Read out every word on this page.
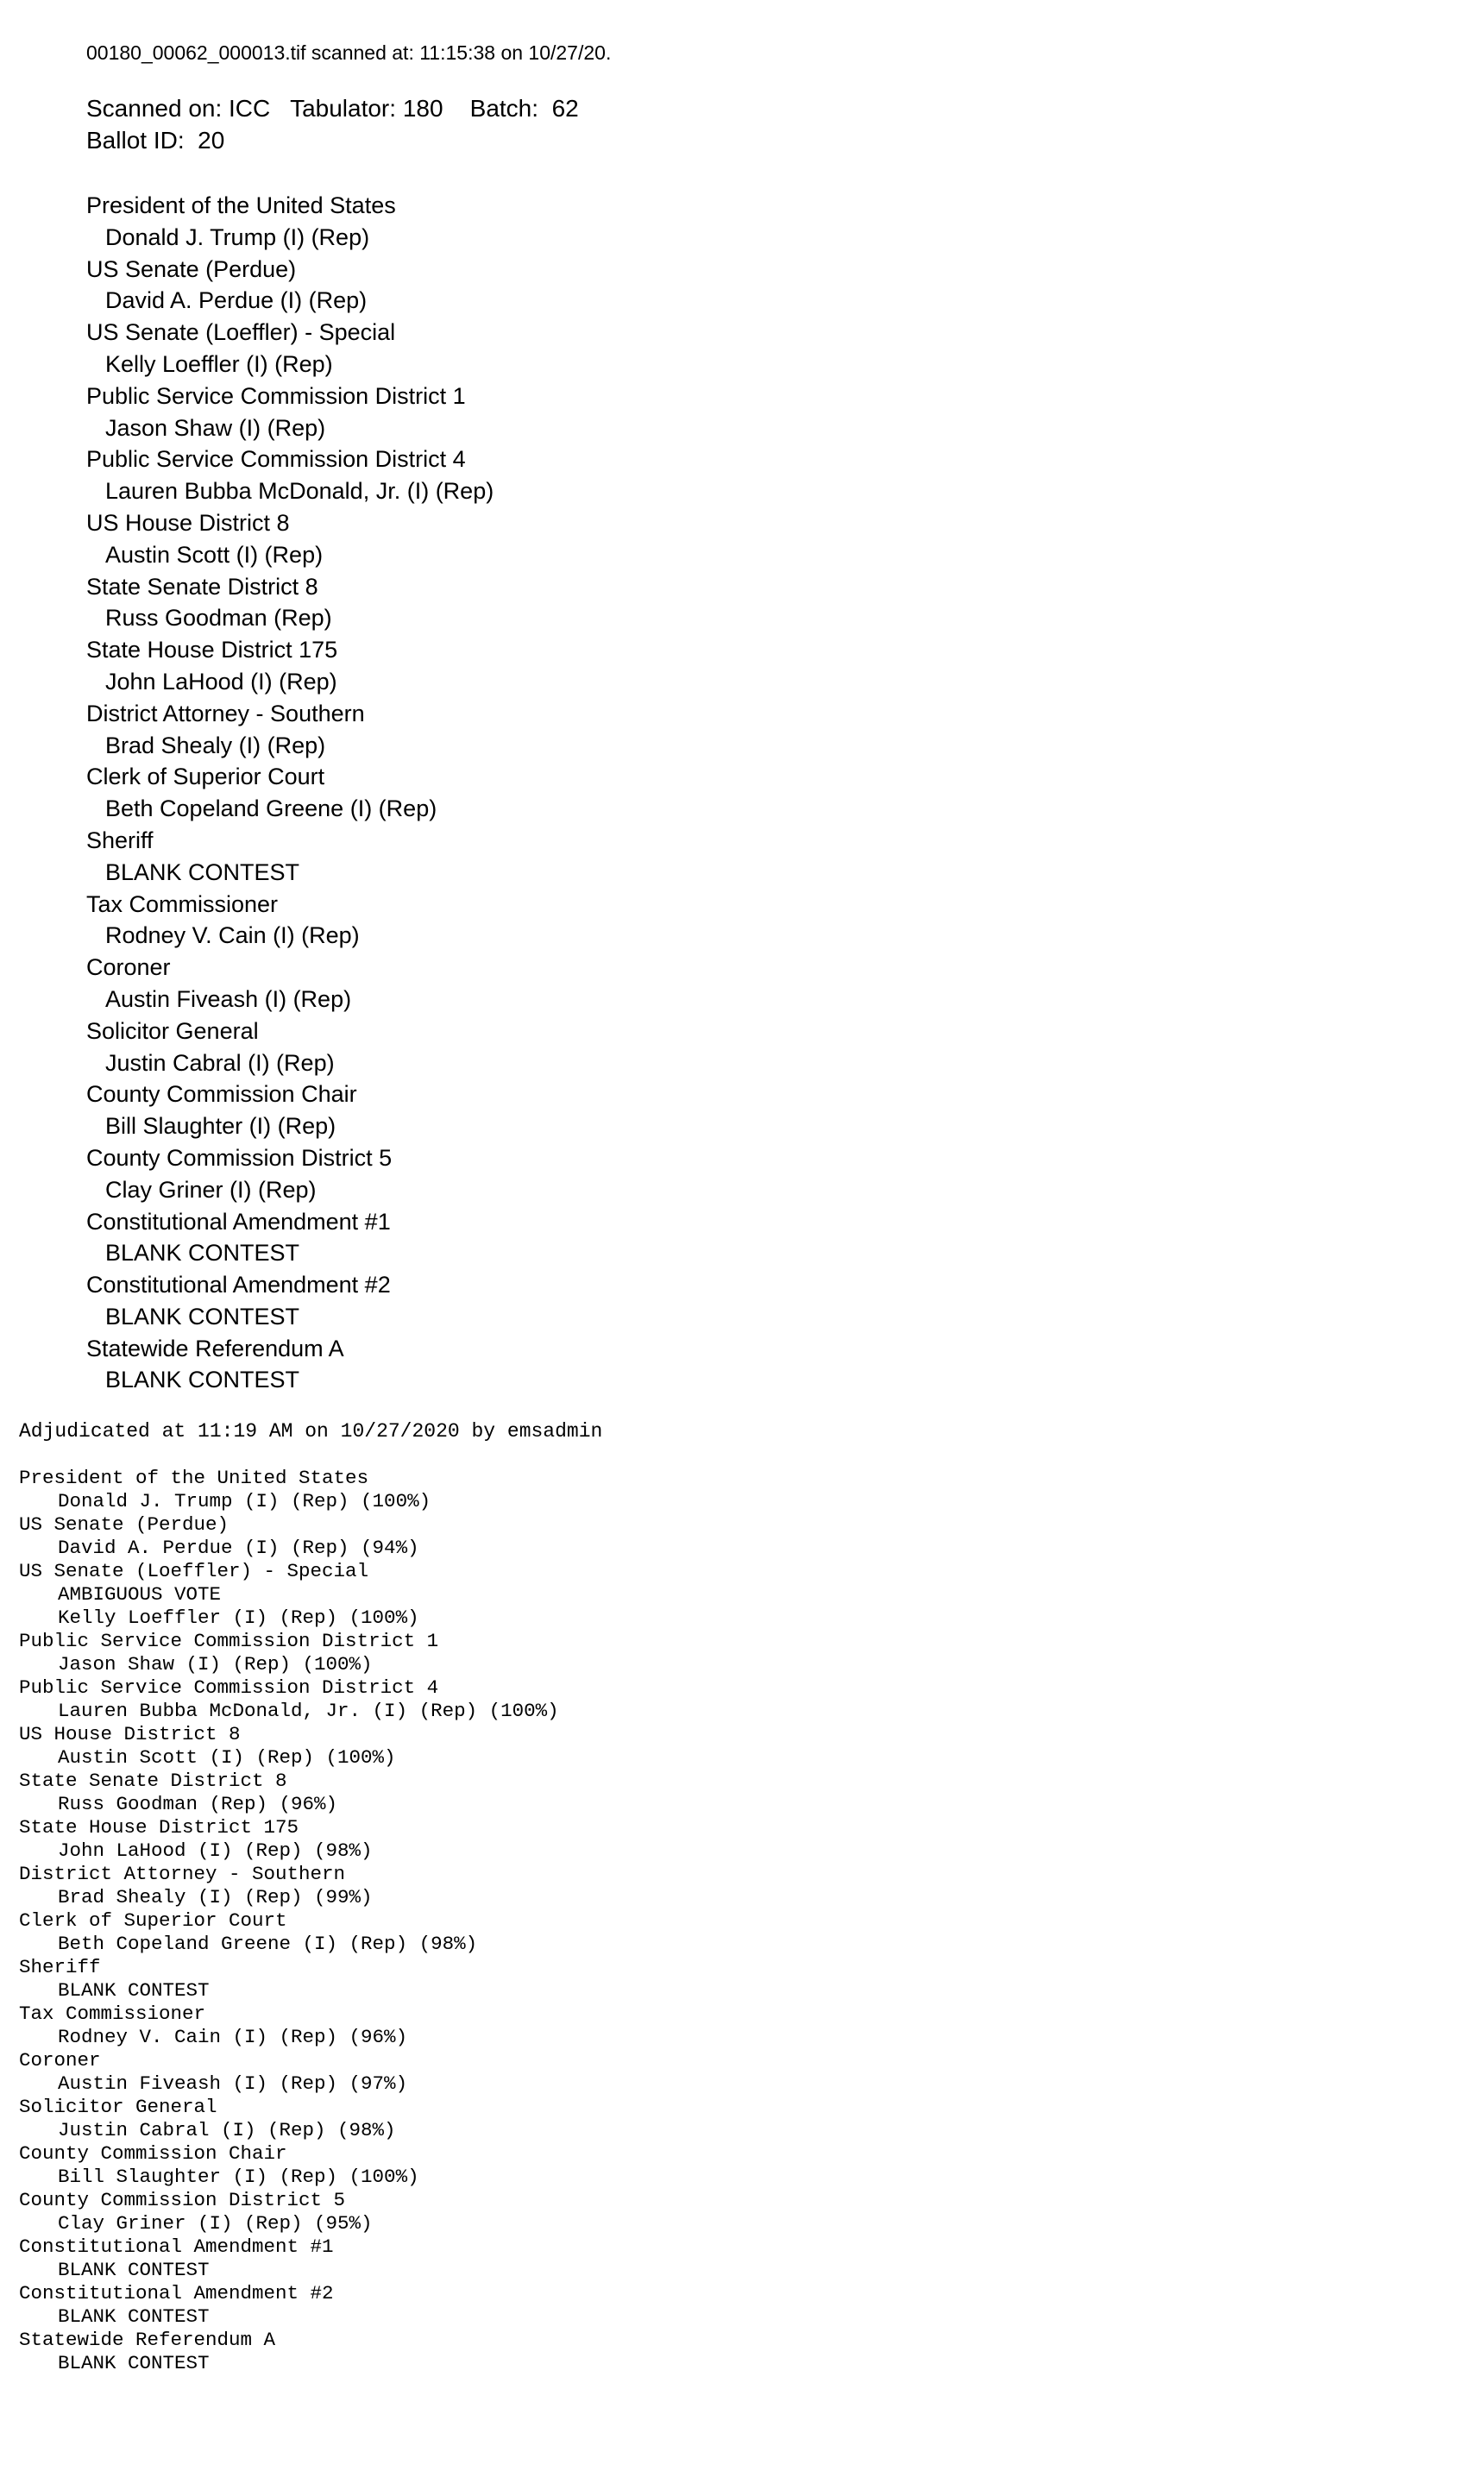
00180_00062_000013.tif scanned at: 11:15:38 on 10/27/20.
Scanned on: ICC   Tabulator: 180    Batch:  62
Ballot ID:  20
President of the United States
Donald J. Trump (I) (Rep)
US Senate (Perdue)
David A. Perdue (I) (Rep)
US Senate (Loeffler) - Special
Kelly Loeffler (I) (Rep)
Public Service Commission District 1
Jason Shaw (I) (Rep)
Public Service Commission District 4
Lauren Bubba McDonald, Jr. (I) (Rep)
US House District 8
Austin Scott (I) (Rep)
State Senate District 8
Russ Goodman (Rep)
State House District 175
John LaHood (I) (Rep)
District Attorney - Southern
Brad Shealy (I) (Rep)
Clerk of Superior Court
Beth Copeland Greene (I) (Rep)
Sheriff
BLANK CONTEST
Tax Commissioner
Rodney V. Cain (I) (Rep)
Coroner
Austin Fiveash (I) (Rep)
Solicitor General
Justin Cabral (I) (Rep)
County Commission Chair
Bill Slaughter (I) (Rep)
County Commission District 5
Clay Griner (I) (Rep)
Constitutional Amendment #1
BLANK CONTEST
Constitutional Amendment #2
BLANK CONTEST
Statewide Referendum A
BLANK CONTEST
Adjudicated at 11:19 AM on 10/27/2020 by emsadmin
President of the United States
Donald J. Trump (I) (Rep) (100%)
US Senate (Perdue)
David A. Perdue (I) (Rep) (94%)
US Senate (Loeffler) - Special
AMBIGUOUS VOTE
Kelly Loeffler (I) (Rep) (100%)
Public Service Commission District 1
Jason Shaw (I) (Rep) (100%)
Public Service Commission District 4
Lauren Bubba McDonald, Jr. (I) (Rep) (100%)
US House District 8
Austin Scott (I) (Rep) (100%)
State Senate District 8
Russ Goodman (Rep) (96%)
State House District 175
John LaHood (I) (Rep) (98%)
District Attorney - Southern
Brad Shealy (I) (Rep) (99%)
Clerk of Superior Court
Beth Copeland Greene (I) (Rep) (98%)
Sheriff
BLANK CONTEST
Tax Commissioner
Rodney V. Cain (I) (Rep) (96%)
Coroner
Austin Fiveash (I) (Rep) (97%)
Solicitor General
Justin Cabral (I) (Rep) (98%)
County Commission Chair
Bill Slaughter (I) (Rep) (100%)
County Commission District 5
Clay Griner (I) (Rep) (95%)
Constitutional Amendment #1
BLANK CONTEST
Constitutional Amendment #2
BLANK CONTEST
Statewide Referendum A
BLANK CONTEST
